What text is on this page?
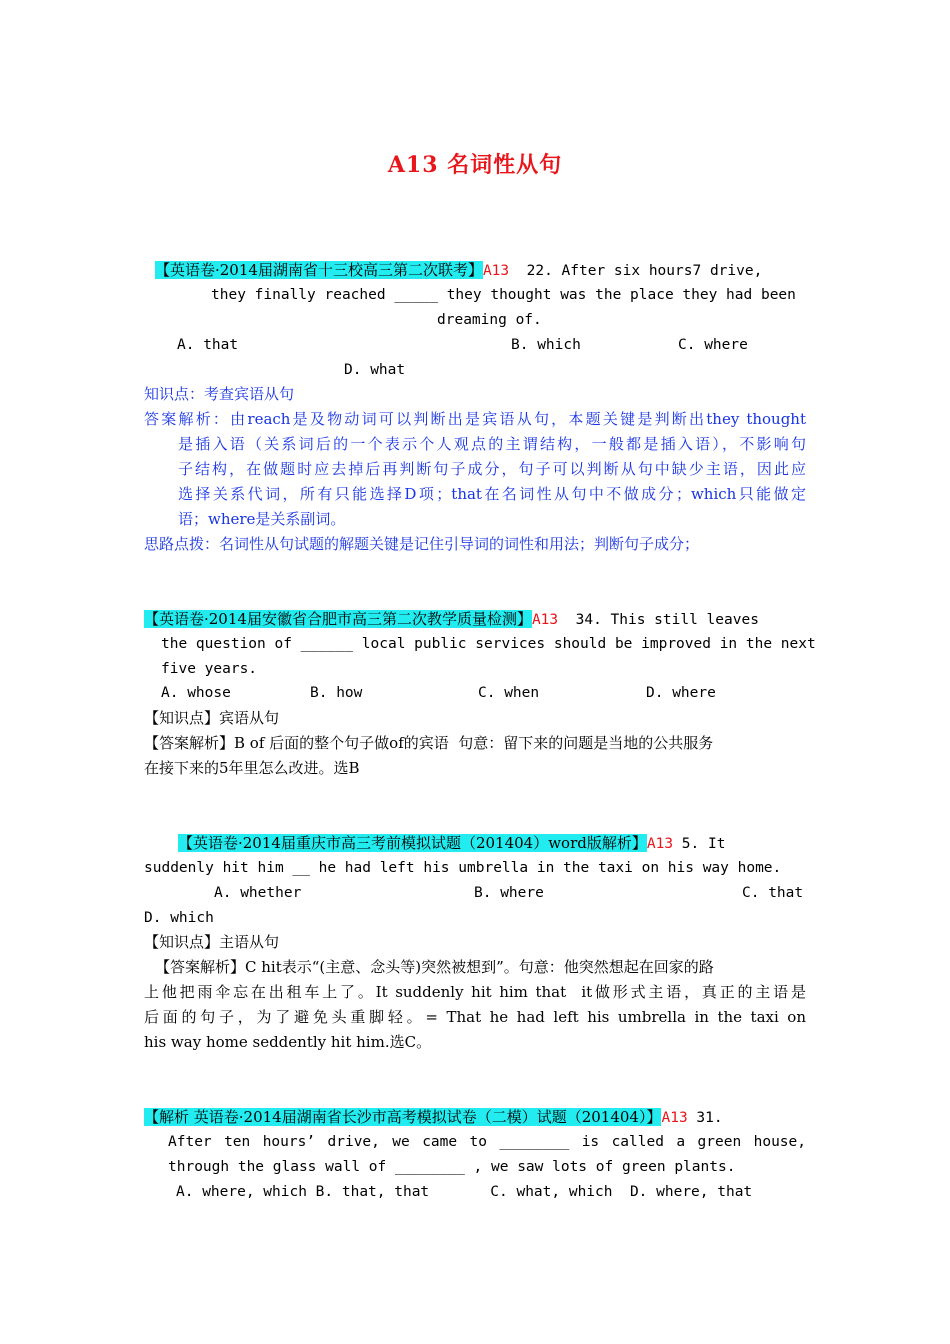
A13 名词性从句
【英语卷·2014届湖南省十三校高三第二次联考】A13  22. After six hours7 drive,
they finally reached _____ they thought was the place they had been
dreaming of.
A. that	B. which	C. where
D. what
知识点：考查宾语从句
答案解析：由reach是及物动词可以判断出是宾语从句，本题关键是判断出they thought
是插入语（关系词后的一个表示个人观点的主谓结构，一般都是插入语），不影响句
子结构，在做题时应去掉后再判断句子成分，句子可以判断从句中缺少主语，因此应
选择关系代词，所有只能选择D项；that在名词性从句中不做成分；which只能做定
语；where是关系副词。
思路点拨：名词性从句试题的解题关键是记住引导词的词性和用法；判断句子成分；
【英语卷·2014届安徽省合肥市高三第二次教学质量检测】A13  34. This still leaves
the question of ______ local public services should be improved in the next
five years.
A. whose	B. how	C. when	D. where
【知识点】宾语从句
【答案解析】B of 后面的整个句子做of的宾语  句意：留下来的问题是当地的公共服务
在接下来的5年里怎么改进。选B
【英语卷·2014届重庆市高三考前模拟试题（201404）word版解析】A13 5. It
suddenly hit him __ he had left his umbrella in the taxi on his way home.
A. whether	B. where	C. that
D. which
【知识点】主语从句
【答案解析】C hit表示“(主意、念头等)突然被想到”。句意：他突然想起在回家的路
上他把雨伞忘在出租车上了。It suddenly hit him that  it做形式主语，真正的主语是
后面的句子，为了避免头重脚轻。= That he had left his umbrella in the taxi on
his way home seddently hit him.选C。
【解析 英语卷·2014届湖南省长沙市高考模拟试卷（二模）试题（201404）】A13 31.
After ten hours’ drive, we came to ________ is called a green house,
through the glass wall of ________ , we saw lots of green plants.
A. where, which B. that, that       C. what, which  D. where, that
